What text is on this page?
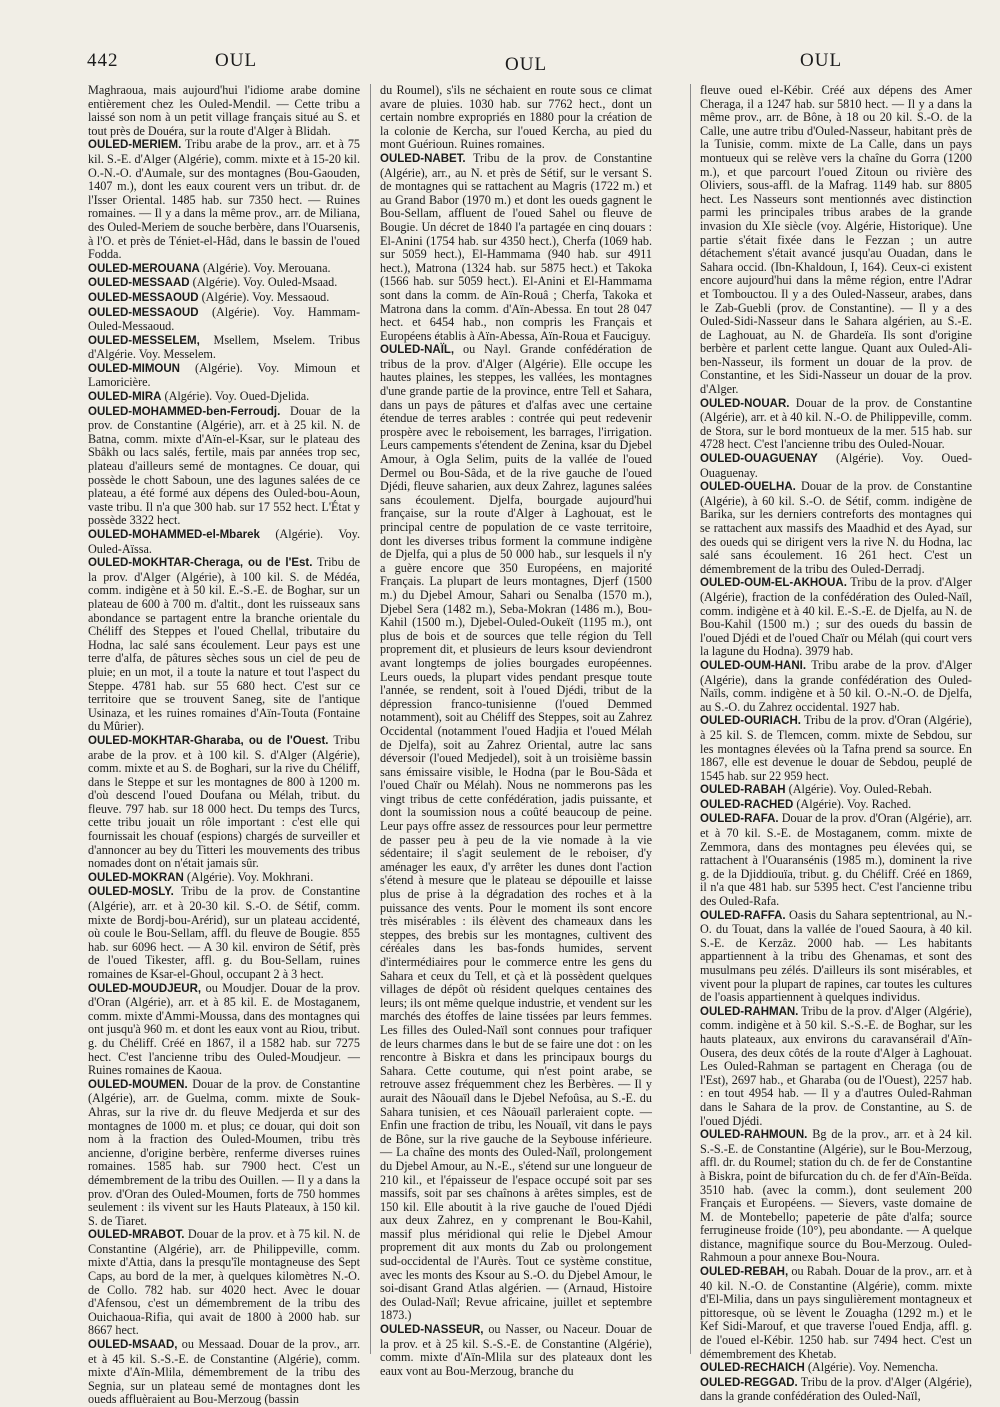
442	OUL	OUL	OUL

Maghraoua, mais aujourd'hui l'idiome arabe domine entièrement chez les Ouled-Mendil. — Cette tribu a laissé son nom à un petit village français situé au S. et tout près de Douéra, sur la route d'Alger à Blidah.

OULED-MERIEM. Tribu arabe de la prov., arr. et à 75 kil. S.-E. d'Alger (Algérie), comm. mixte et à 15-20 kil. O.-N.-O. d'Aumale, sur des montagnes (Bou-Gaouden, 1407 m.), dont les eaux courent vers un tribut. dr. de l'Isser Oriental. 1485 hab. sur 7350 hect. — Ruines romaines. — Il y a dans la même prov., arr. de Miliana, des Ouled-Meriem de souche berbère, dans l'Ouarsenis, à l'O. et près de Téniet-el-Hâd, dans le bassin de l'oued Fodda.

OULED-MEROUANA (Algérie). Voy. Merouana.

OULED-MESSAAD (Algérie). Voy. Ouled-Msaad.

OULED-MESSAOUD (Algérie). Voy. Messaoud.

OULED-MESSAOUD (Algérie). Voy. Hammam-Ouled-Messaoud.

OULED-MESSELEM, Msellem, Mselem. Tribus d'Algérie. Voy. Messelem.

OULED-MIMOUN (Algérie). Voy. Mimoun et Lamoricière.

OULED-MIRA (Algérie). Voy. Oued-Djelida.

OULED-MOHAMMED-ben-Ferroudj. Douar de la prov. de Constantine (Algérie), arr. et à 25 kil. N. de Batna, comm. mixte d'Aïn-el-Ksar, sur le plateau des Sbâkh ou lacs salés, fertile, mais par années trop sec, plateau d'ailleurs semé de montagnes. Ce douar, qui possède le chott Saboun, une des lagunes salées de ce plateau, a été formé aux dépens des Ouled-bou-Aoun, vaste tribu. Il n'a que 300 hab. sur 17 552 hect. L'État y possède 3322 hect.

OULED-MOHAMMED-el-Mbarek (Algérie). Voy. Ouled-Aïssa.

OULED-MOKHTAR-Cheraga, ou de l'Est. Tribu de la prov. d'Alger (Algérie), à 100 kil. S. de Médéa, comm. indigène et à 50 kil. E.-S.-E. de Boghar, sur un plateau de 600 à 700 m. d'altit., dont les ruisseaux sans abondance se partagent entre la branche orientale du Chéliff des Steppes et l'oued Chellal, tributaire du Hodna, lac salé sans écoulement. Leur pays est une terre d'alfa, de pâtures sèches sous un ciel de peu de pluie; en un mot, il a toute la nature et tout l'aspect du Steppe. 4781 hab. sur 55 680 hect. C'est sur ce territoire que se trouvent Saneg, site de l'antique Usinaza, et les ruines romaines d'Aïn-Touta (Fontaine du Mûrier).

OULED-MOKHTAR-Gharaba, ou de l'Ouest. Tribu arabe de la prov. et à 100 kil. S. d'Alger (Algérie), comm. mixte et au S. de Boghari, sur la rive du Chéliff, dans le Steppe et sur les montagnes de 800 à 1200 m. d'où descend l'oued Doufana ou Mélah, tribut. du fleuve. 797 hab. sur 18 000 hect. Du temps des Turcs, cette tribu jouait un rôle important : c'est elle qui fournissait les chouaf (espions) chargés de surveiller et d'annoncer au bey du Titteri les mouvements des tribus nomades dont on n'était jamais sûr.

OULED-MOKRAN (Algérie). Voy. Mokhrani.

OULED-MOSLY. Tribu de la prov. de Constantine (Algérie), arr. et à 20-30 kil. S.-O. de Sétif, comm. mixte de Bordj-bou-Arérid), sur un plateau accidenté, où coule le Bou-Sellam, affl. du fleuve de Bougie. 855 hab. sur 6096 hect. — A 30 kil. environ de Sétif, près de l'oued Tikester, affl. g. du Bou-Sellam, ruines romaines de Ksar-el-Ghoul, occupant 2 à 3 hect.

OULED-MOUDJEUR, ou Moudjer. Douar de la prov. d'Oran (Algérie), arr. et à 85 kil. E. de Mostaganem, comm. mixte d'Ammi-Moussa, dans des montagnes qui ont jusqu'à 960 m. et dont les eaux vont au Riou, tribut. g. du Chéliff. Créé en 1867, il a 1582 hab. sur 7275 hect. C'est l'ancienne tribu des Ouled-Moudjeur. — Ruines romaines de Kaoua.

OULED-MOUMEN. Douar de la prov. de Constantine (Algérie), arr. de Guelma, comm. mixte de Souk-Ahras, sur la rive dr. du fleuve Medjerda et sur des montagnes de 1000 m. et plus; ce douar, qui doit son nom à la fraction des Ouled-Moumen, tribu très ancienne, d'origine berbère, renferme diverses ruines romaines. 1585 hab. sur 7900 hect. C'est un démembrement de la tribu des Ouillen. — Il y a dans la prov. d'Oran des Ouled-Moumen, forts de 750 hommes seulement : ils vivent sur les Hauts Plateaux, à 150 kil. S. de Tiaret.

OULED-MRABOT. Douar de la prov. et à 75 kil. N. de Constantine (Algérie), arr. de Philippeville, comm. mixte d'Attia, dans la presqu'île montagneuse des Sept Caps, au bord de la mer, à quelques kilomètres N.-O. de Collo. 782 hab. sur 4020 hect. Avec le douar d'Afensou, c'est un démembrement de la tribu des Ouichaoua-Rifia, qui avait de 1800 à 2000 hab. sur 8667 hect.

OULED-MSAAD, ou Messaad. Douar de la prov., arr. et à 45 kil. S.-S.-E. de Constantine (Algérie), comm. mixte d'Aïn-Mlila, démembrement de la tribu des Segnia, sur un plateau semé de montagnes dont les oueds affluèraient au Bou-Merzoug (bassin

du Roumel), s'ils ne séchaient en route sous ce climat avare de pluies. 1030 hab. sur 7762 hect., dont un certain nombre expropriés en 1880 pour la création de la colonie de Kercha, sur l'oued Kercha, au pied du mont Guérioun. Ruines romaines.

OULED-NABET. Tribu de la prov. de Constantine (Algérie), arr., au N. et près de Sétif, sur le versant S. de montagnes qui se rattachent au Magris (1722 m.) et au Grand Babor (1970 m.) et dont les oueds gagnent le Bou-Sellam, affluent de l'oued Sahel ou fleuve de Bougie. Un décret de 1840 l'a partagée en cinq douars : El-Anini (1754 hab. sur 4350 hect.), Cherfa (1069 hab. sur 5059 hect.), El-Hammama (940 hab. sur 4911 hect.), Matrona (1324 hab. sur 5875 hect.) et Takoka (1566 hab. sur 5059 hect.). El-Anini et El-Hammama sont dans la comm. de Aïn-Rouâ ; Cherfa, Takoka et Matrona dans la comm. d'Aïn-Abessa. En tout 28 047 hect. et 6454 hab., non compris les Français et Européens établis à Aïn-Abessa, Aïn-Roua et Fauciguy.

OULED-NAÏL, ou Nayl. Grande confédération de tribus de la prov. d'Alger (Algérie). Elle occupe les hautes plaines, les steppes, les vallées, les montagnes d'une grande partie de la province, entre Tell et Sahara, dans un pays de pâtures et d'alfas avec une certaine étendue de terres arables : contrée qui peut redevenir prospère avec le reboisement, les barrages, l'irrigation. Leurs campements s'étendent de Zenina, ksar du Djebel Amour, à Ogla Selim, puits de la vallée de l'oued Dermel ou Bou-Sâda, et de la rive gauche de l'oued Djédi, fleuve saharien, aux deux Zahrez, lagunes salées sans écoulement. Djelfa, bourgade aujourd'hui française, sur la route d'Alger à Laghouat, est le principal centre de population de ce vaste territoire, dont les diverses tribus forment la commune indigène de Djelfa, qui a plus de 50 000 hab., sur lesquels il n'y a guère encore que 350 Européens, en majorité Français. La plupart de leurs montagnes, Djerf (1500 m.) du Djebel Amour, Sahari ou Senalba (1570 m.), Djebel Sera (1482 m.), Seba-Mokran (1486 m.), Bou-Kahil (1500 m.), Djebel-Ouled-Oukeït (1195 m.), ont plus de bois et de sources que telle région du Tell proprement dit, et plusieurs de leurs ksour deviendront avant longtemps de jolies bourgades européennes. Leurs oueds, la plupart vides pendant presque toute l'année, se rendent, soit à l'oued Djédi, tribut de la dépression franco-tunisienne (l'oued Demmed notamment), soit au Chéliff des Steppes, soit au Zahrez Occidental (notamment l'oued Hadjia et l'oued Mélah de Djelfa), soit au Zahrez Oriental, autre lac sans déversoir (l'oued Medjedel), soit à un troisième bassin sans émissaire visible, le Hodna (par le Bou-Sâda et l'oued Chaïr ou Mélah). Nous ne nommerons pas les vingt tribus de cette confédération, jadis puissante, et dont la soumission nous a coûté beaucoup de peine. Leur pays offre assez de ressources pour leur permettre de passer peu à peu de la vie nomade à la vie sédentaire; il s'agit seulement de le reboiser, d'y aménager les eaux, d'y arrêter les dunes dont l'action s'étend à mesure que le plateau se dépouille et laisse plus de prise à la dégradation des roches et à la puissance des vents. Pour le moment ils sont encore très misérables : ils élèvent des chameaux dans les steppes, des brebis sur les montagnes, cultivent des céréales dans les bas-fonds humides, servent d'intermédiaires pour le commerce entre les gens du Sahara et ceux du Tell, et çà et là possèdent quelques villages de dépôt où résident quelques centaines des leurs; ils ont même quelque industrie, et vendent sur les marchés des étoffes de laine tissées par leurs femmes. Les filles des Ouled-Naïl sont connues pour trafiquer de leurs charmes dans le but de se faire une dot : on les rencontre à Biskra et dans les principaux bourgs du Sahara. Cette coutume, qui n'est point arabe, se retrouve assez fréquemment chez les Berbères. — Il y aurait des Nâouaïl dans le Djebel Nefoûsa, au S.-E. du Sahara tunisien, et ces Nâouaïl parleraient copte. — Enfin une fraction de tribu, les Nouaïl, vit dans le pays de Bône, sur la rive gauche de la Seybouse inférieure. — La chaîne des monts des Ouled-Naïl, prolongement du Djebel Amour, au N.-E., s'étend sur une longueur de 210 kil., et l'épaisseur de l'espace occupé soit par ses massifs, soit par ses chaînons à arêtes simples, est de 150 kil. Elle aboutit à la rive gauche de l'oued Djédi aux deux Zahrez, en y comprenant le Bou-Kahil, massif plus méridional qui relie le Djebel Amour proprement dit aux monts du Zab ou prolongement sud-occidental de l'Aurès. Tout ce système constitue, avec les monts des Ksour au S.-O. du Djebel Amour, le soi-disant Grand Atlas algérien. — (Arnaud, Histoire des Oulad-Naïl; Revue africaine, juillet et septembre 1873.)

OULED-NASSEUR, ou Nasser, ou Naceur. Douar de la prov. et à 25 kil. S.-S.-E. de Constantine (Algérie), comm. mixte d'Aïn-Mlila sur des plateaux dont les eaux vont au Bou-Merzoug, branche du

fleuve oued el-Kébir. Créé aux dépens des Amer Cheraga, il a 1247 hab. sur 5810 hect. — Il y a dans la même prov., arr. de Bône, à 18 ou 20 kil. S.-O. de la Calle, une autre tribu d'Ouled-Nasseur, habitant près de la Tunisie, comm. mixte de La Calle, dans un pays montueux qui se relève vers la chaîne du Gorra (1200 m.), et que parcourt l'oued Zitoun ou rivière des Oliviers, sous-affl. de la Mafrag. 1149 hab. sur 8805 hect. Les Nasseurs sont mentionnés avec distinction parmi les principales tribus arabes de la grande invasion du XIe siècle (voy. Algérie, Historique). Une partie s'était fixée dans le Fezzan ; un autre détachement s'était avancé jusqu'au Ouadan, dans le Sahara occid. (Ibn-Khaldoun, I, 164). Ceux-ci existent encore aujourd'hui dans la même région, entre l'Adrar et Tombouctou. Il y a des Ouled-Nasseur, arabes, dans le Zab-Guebli (prov. de Constantine). — Il y a des Ouled-Sidi-Nasseur dans le Sahara algérien, au S.-E. de Laghouat, au N. de Ghardeïa. Ils sont d'origine berbère et parlent cette langue. Quant aux Ouled-Ali-ben-Nasseur, ils forment un douar de la prov. de Constantine, et les Sidi-Nasseur un douar de la prov. d'Alger.

OULED-NOUAR. Douar de la prov. de Constantine (Algérie), arr. et à 40 kil. N.-O. de Philippeville, comm. de Stora, sur le bord montueux de la mer. 515 hab. sur 4728 hect. C'est l'ancienne tribu des Ouled-Nouar.

OULED-OUAGUENAY (Algérie). Voy. Oued-Ouaguenay.

OULED-OUELHA. Douar de la prov. de Constantine (Algérie), à 60 kil. S.-O. de Sétif, comm. indigène de Barika, sur les derniers contreforts des montagnes qui se rattachent aux massifs des Maadhid et des Ayad, sur des oueds qui se dirigent vers la rive N. du Hodna, lac salé sans écoulement. 16 261 hect. C'est un démembrement de la tribu des Ouled-Derradj.

OULED-OUM-EL-AKHOUA. Tribu de la prov. d'Alger (Algérie), fraction de la confédération des Ouled-Naïl, comm. indigène et à 40 kil. E.-S.-E. de Djelfa, au N. de Bou-Kahil (1500 m.) ; sur des oueds du bassin de l'oued Djédi et de l'oued Chaïr ou Mélah (qui court vers la lagune du Hodna). 3979 hab.

OULED-OUM-HANI. Tribu arabe de la prov. d'Alger (Algérie), dans la grande confédération des Ouled-Naïls, comm. indigène et à 50 kil. O.-N.-O. de Djelfa, au S.-O. du Zahrez occidental. 1927 hab.

OULED-OURIACH. Tribu de la prov. d'Oran (Algérie), à 25 kil. S. de Tlemcen, comm. mixte de Sebdou, sur les montagnes élevées où la Tafna prend sa source. En 1867, elle est devenue le douar de Sebdou, peuplé de 1545 hab. sur 22 959 hect.

OULED-RABAH (Algérie). Voy. Ouled-Rebah.

OULED-RACHED (Algérie). Voy. Rached.

OULED-RAFA. Douar de la prov. d'Oran (Algérie), arr. et à 70 kil. S.-E. de Mostaganem, comm. mixte de Zemmora, dans des montagnes peu élevées qui, se rattachent à l'Ouaransénis (1985 m.), dominent la rive g. de la Djiddiouïa, tribut. g. du Chéliff. Créé en 1869, il n'a que 481 hab. sur 5395 hect. C'est l'ancienne tribu des Ouled-Rafa.

OULED-RAFFA. Oasis du Sahara septentrional, au N.-O. du Touat, dans la vallée de l'oued Saoura, à 40 kil. S.-E. de Kerzâz. 2000 hab. — Les habitants appartiennent à la tribu des Ghenamas, et sont des musulmans peu zélés. D'ailleurs ils sont misérables, et vivent pour la plupart de rapines, car toutes les cultures de l'oasis appartiennent à quelques individus.

OULED-RAHMAN. Tribu de la prov. d'Alger (Algérie), comm. indigène et à 50 kil. S.-S.-E. de Boghar, sur les hauts plateaux, aux environs du caravansérail d'Aïn-Ousera, des deux côtés de la route d'Alger à Laghouat. Les Ouled-Rahman se partagent en Cheraga (ou de l'Est), 2697 hab., et Gharaba (ou de l'Ouest), 2257 hab. : en tout 4954 hab. — Il y a d'autres Ouled-Rahman dans le Sahara de la prov. de Constantine, au S. de l'oued Djédi.

OULED-RAHMOUN. Bg de la prov., arr. et à 24 kil. S.-S.-E. de Constantine (Algérie), sur le Bou-Merzoug, affl. dr. du Roumel; station du ch. de fer de Constantine à Biskra, point de bifurcation du ch. de fer d'Aïn-Beïda. 3510 hab. (avec la comm.), dont seulement 200 Français et Européens. — Sievers, vaste domaine de M. de Montebello; papeterie de pâte d'alfa; source ferrugineuse froide (10°), peu abondante. — A quelque distance, magnifique source du Bou-Merzoug. Ouled-Rahmoun a pour annexe Bou-Noura.

OULED-REBAH, ou Rabah. Douar de la prov., arr. et à 40 kil. N.-O. de Constantine (Algérie), comm. mixte d'El-Milia, dans un pays singulièrement montagneux et pittoresque, où se lèvent le Zouagha (1292 m.) et le Kef Sidi-Marouf, et que traverse l'oued Endja, affl. g. de l'oued el-Kébir. 1250 hab. sur 7494 hect. C'est un démembrement des Khetab.

OULED-RECHAICH (Algérie). Voy. Nemencha.

OULED-REGGAD. Tribu de la prov. d'Alger (Algérie), dans la grande confédération des Ouled-Naïl,
